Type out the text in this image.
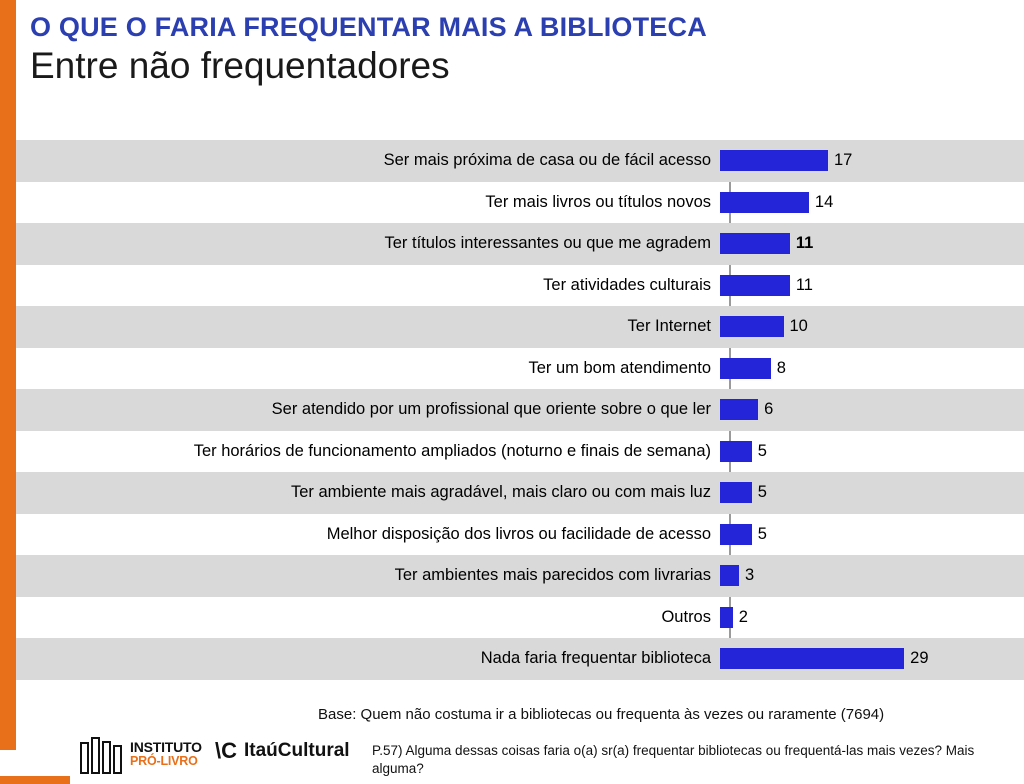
O QUE O FARIA FREQUENTAR MAIS A BIBLIOTECA
Entre não frequentadores
Ser mais próxima de casa ou de fácil acesso	17
Ter mais livros ou títulos novos	14
Ter títulos interessantes ou que me agradem	11
Ter atividades culturais	11
Ter Internet	10
Ter um bom atendimento	8
Ser atendido por um profissional que oriente sobre o que ler	6
Ter horários de funcionamento ampliados (noturno e finais de semana)	5
Ter ambiente mais agradável, mais claro ou com mais luz	5
Melhor disposição dos livros ou facilidade de acesso	5
Ter ambientes mais parecidos com livrarias	3
Outros	2
Nada faria frequentar biblioteca	29
Base: Quem não costuma ir a bibliotecas ou frequenta às vezes ou raramente (7694)
P.57) Alguma dessas coisas faria o(a) sr(a) frequentar bibliotecas ou frequentá-las mais vezes? Mais alguma?
INSTITUTO
PRÓ-LIVRO \C ItaúCultural
